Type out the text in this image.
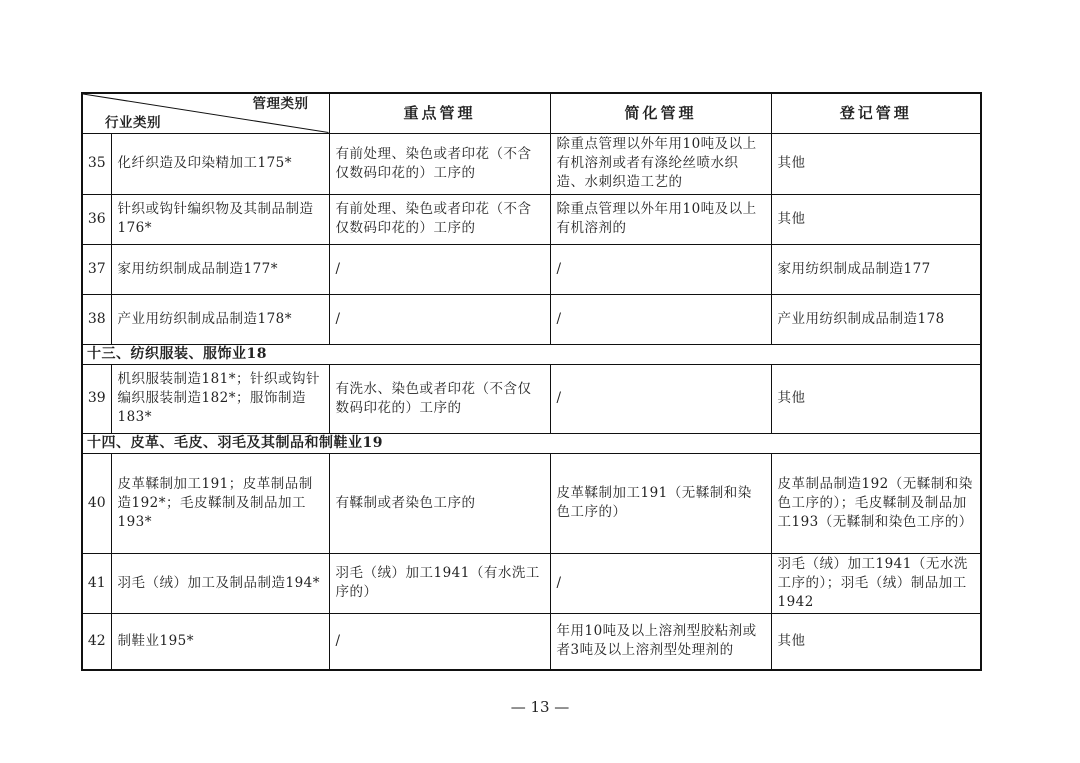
管理类别
行业类别		重点管理	简化管理	登记管理
35	化纤织造及印染精加工175*	有前处理、染色或者印花（不含仅数码印花的）工序的	除重点管理以外年用10吨及以上有机溶剂或者有涤纶丝喷水织造、水刺织造工艺的	其他
36	针织或钩针编织物及其制品制造176*	有前处理、染色或者印花（不含仅数码印花的）工序的	除重点管理以外年用10吨及以上有机溶剂的	其他
37	家用纺织制成品制造177*	/	/	家用纺织制成品制造177
38	产业用纺织制成品制造178*	/	/	产业用纺织制成品制造178
十三、纺织服装、服饰业18				
39	机织服装制造181*；针织或钩针编织服装制造182*；服饰制造183*	有洗水、染色或者印花（不含仅数码印花的）工序的	/	其他
十四、皮革、毛皮、羽毛及其制品和制鞋业19				
40	皮革鞣制加工191；皮革制品制造192*；毛皮鞣制及制品加工193*	有鞣制或者染色工序的	皮革鞣制加工191（无鞣制和染色工序的）	皮革制品制造192（无鞣制和染色工序的）；毛皮鞣制及制品加工193（无鞣制和染色工序的）
41	羽毛（绒）加工及制品制造194*	羽毛（绒）加工1941（有水洗工序的）	/	羽毛（绒）加工1941（无水洗工序的）；羽毛（绒）制品加工1942
42	制鞋业195*	/	年用10吨及以上溶剂型胶粘剂或者3吨及以上溶剂型处理剂的	其他
— 13 —
